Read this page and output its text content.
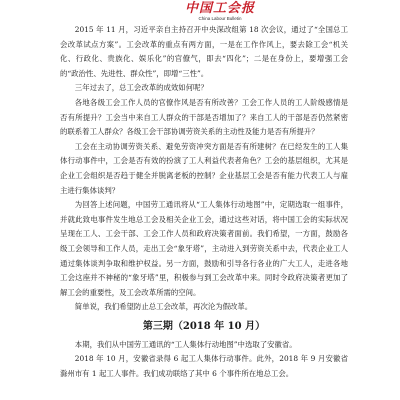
中国工会报
China Labour Bulletin

2015 年 11 月，习近平亲自主持召开中央深改组第 18 次会议，通过了“全国总工会改革试点方案”。工会改革的重点有两方面，一是在工作作风上，要去除工会“机关化、行政化、贵族化、娱乐化”的官僚气，即去“四化”；二是在身份上，要增强工会的“政治性、先进性、群众性”，即增“三性”。

三年过去了，总工会改革的成效如何呢？

各地各级工会工作人员的官僚作风是否有所改善？工会工作人员的工人阶级感情是否有所提升？工会当中来自工人群众的干部是否增加了？来自工人的干部是否仍然紧密的联系着工人群众？各级工会干部协调劳资关系的主动性及能力是否有所提升？

工会在主动协调劳资关系、避免劳资冲突方面是否有所建树？在已经发生的工人集体行动事件中，工会是否有效的扮演了工人利益代表者角色？工会的基层组织，尤其是企业工会组织是否趋于健全并脱离老板的控制？企业基层工会是否有能力代表工人与雇主进行集体谈判？

为回答上述问题，中国劳工通讯将从“工人集体行动地图”中，定期选取一组事件，并就此致电事件发生地总工会及相关企业工会，通过这些对话，将中国工会的实际状况呈现在工人、工会干部、工会工作人员和政府决策者面前。我们希望，一方面，鼓励各级工会领导和工作人员，走出工会“象牙塔”，主动进入到劳资关系中去，代表企业工人通过集体谈判争取和维护权益。另一方面，鼓励和引导各行各业的广大工人，走进各地工会这座并不神秘的“象牙塔”里，积极参与到工会改革中来。同时令政府决策者更加了解工会的重要性，及工会改革所需的空间。

简单说，我们希望防止总工会改革，再次沦为假改革。

第三期（2018 年 10 月）

本期，我们从中国劳工通讯的“工人集体行动地图”中选取了安徽省。

2018 年 10 月，安徽省录得 6 起工人集体行动事件。此外，2018 年 9 月安徽省滁州市有 1 起工人事件。我们成功联络了其中 6 个事件所在地总工会。
